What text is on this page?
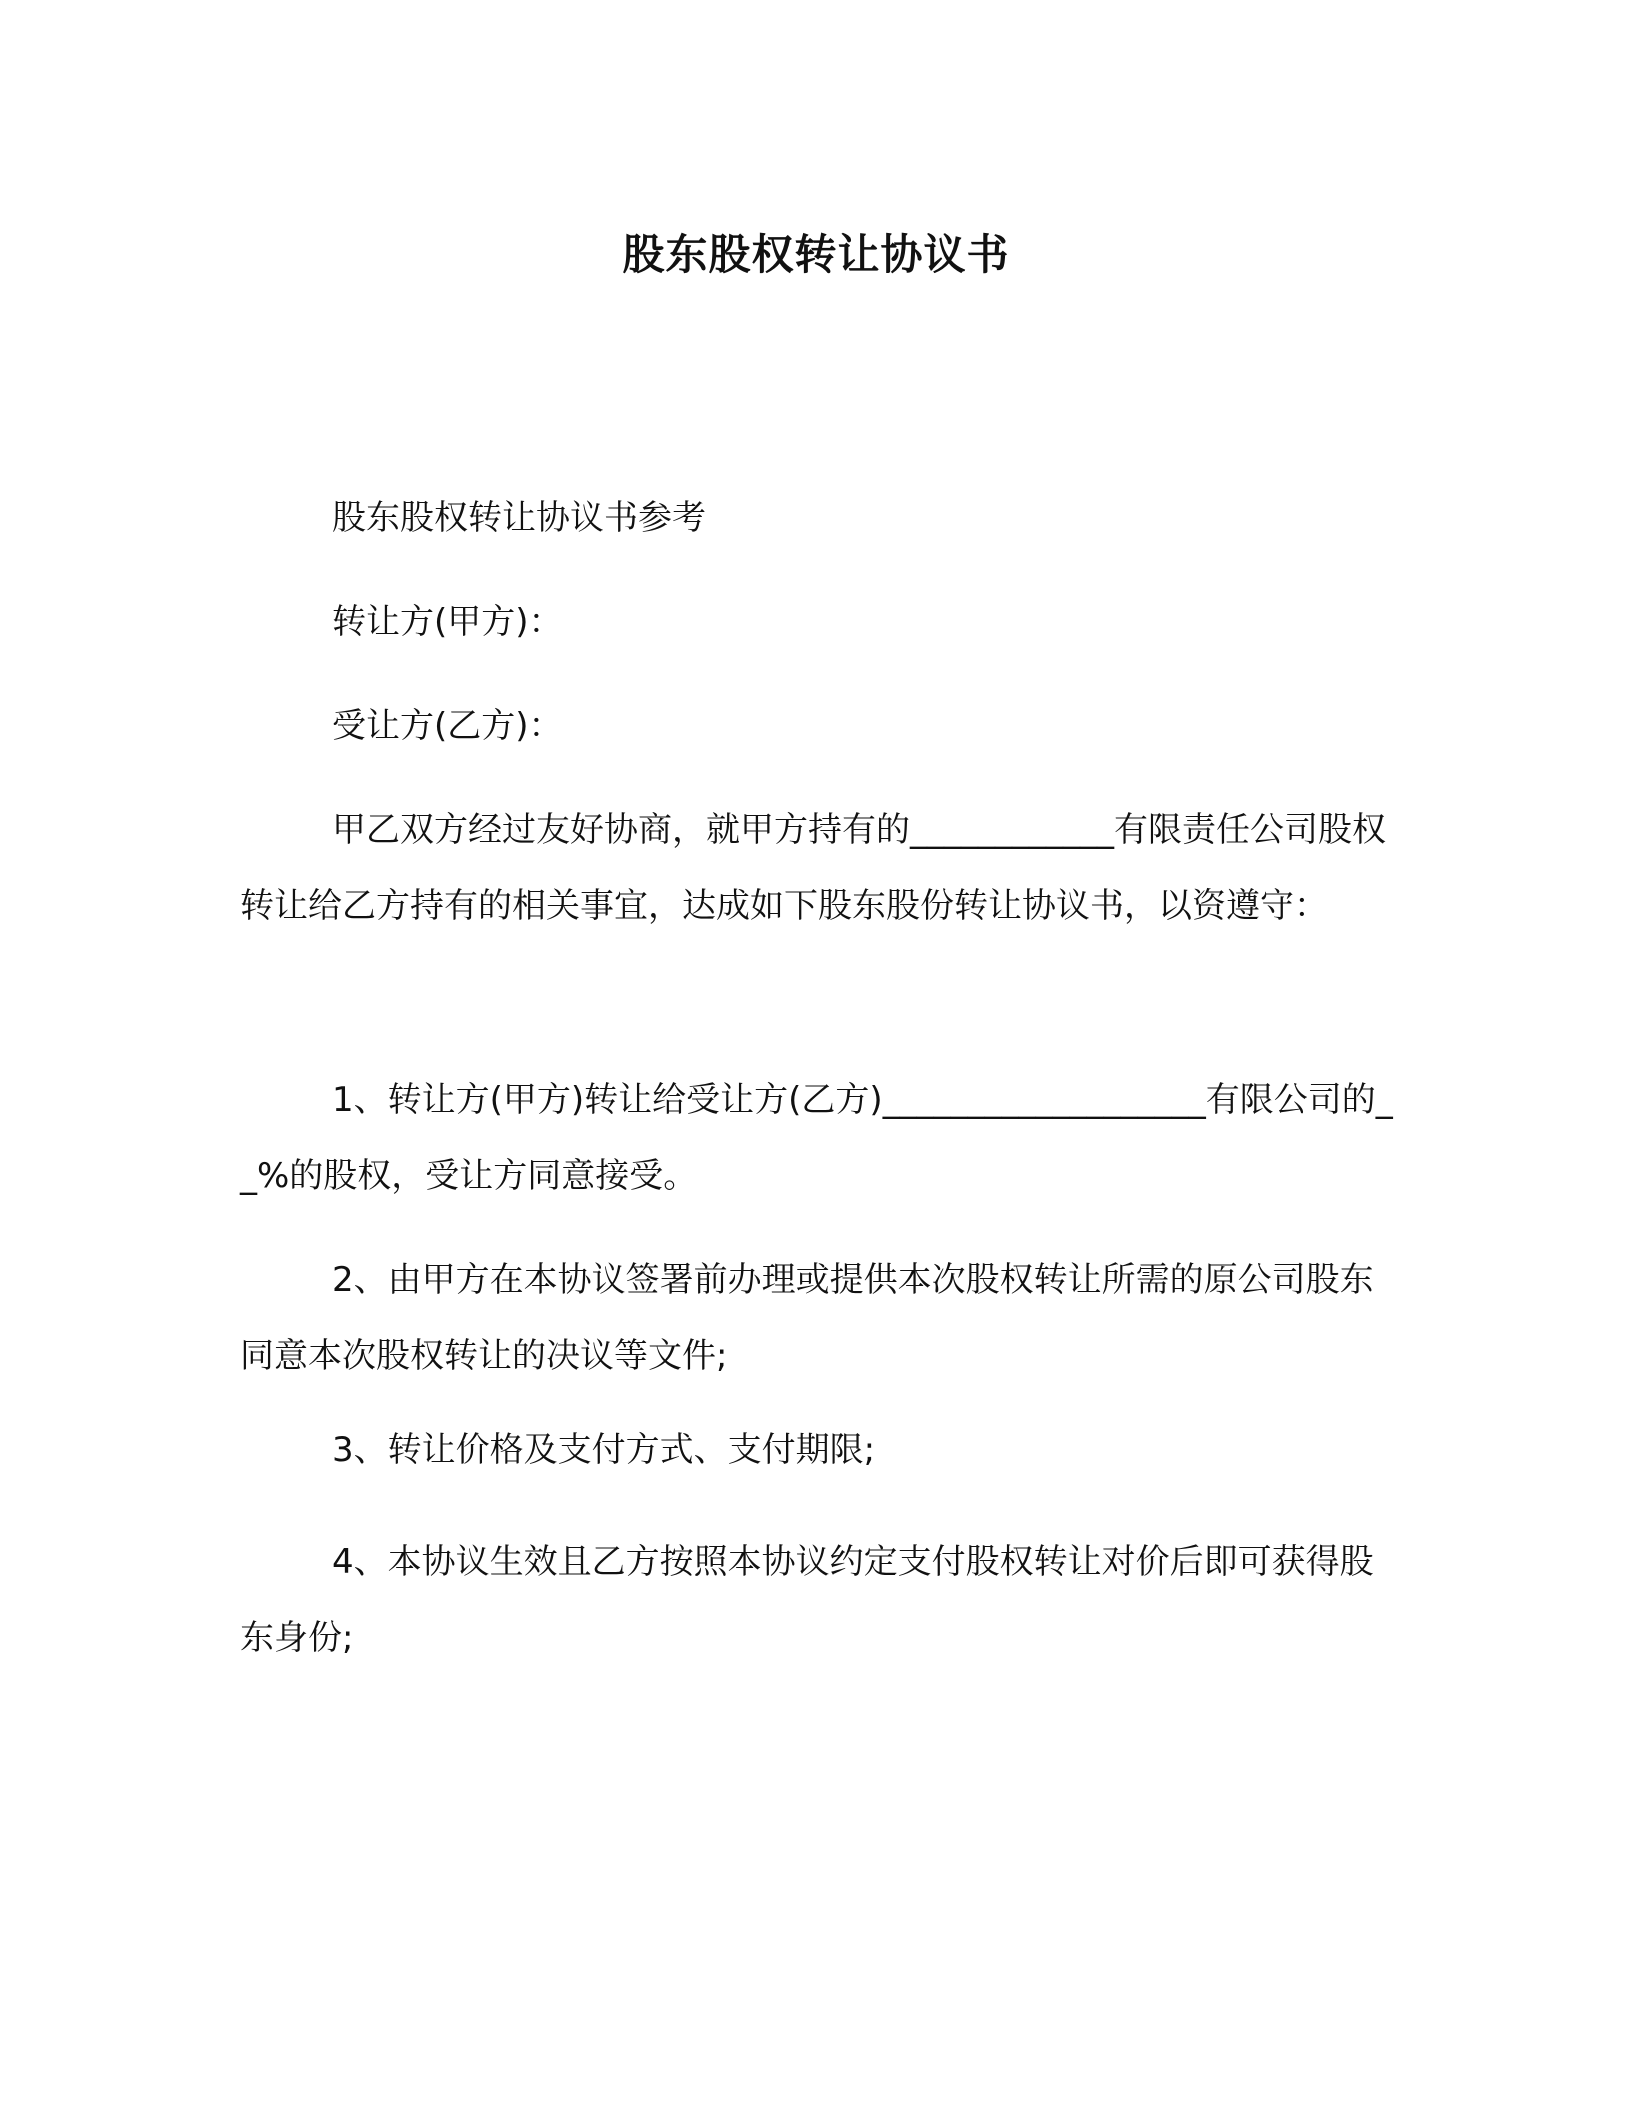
股东股权转让协议书

股东股权转让协议书参考

转让方(甲方)：

受让方(乙方)：

甲乙双方经过友好协商，就甲方持有的____________有限责任公司股权转让给乙方持有的相关事宜，达成如下股东股份转让协议书，以资遵守：

1、转让方(甲方)转让给受让方(乙方)___________________有限公司的__%的股权，受让方同意接受。

2、由甲方在本协议签署前办理或提供本次股权转让所需的原公司股东同意本次股权转让的决议等文件;

3、转让价格及支付方式、支付期限;

4、本协议生效且乙方按照本协议约定支付股权转让对价后即可获得股东身份;
